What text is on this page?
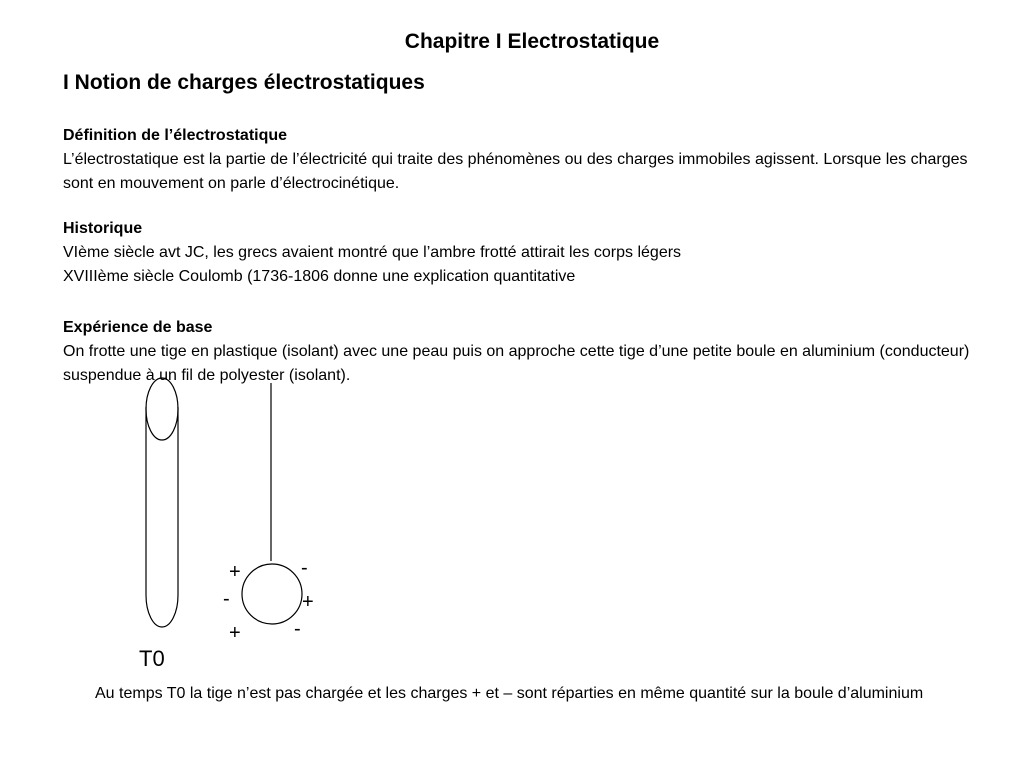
Chapitre I Electrostatique
I Notion de charges électrostatiques
Définition de l’électrostatique

L’électrostatique est la partie de l’électricité qui traite des phénomènes ou des charges immobiles agissent. Lorsque les charges sont en mouvement on parle d’électrocinétique.

Historique

VIème siècle avt JC, les grecs avaient montré que l’ambre frotté attirait les corps légers

XVIIIème siècle Coulomb (1736-1806 donne une explication quantitative

Expérience de base

On frotte une tige en plastique (isolant) avec une peau puis on approche cette tige d’une petite boule en aluminium (conducteur) suspendue à un fil de polyester (isolant).

+	-
-	+
+	-
T0

Au temps T0 la tige n’est pas chargée et les charges + et – sont réparties en même quantité sur la boule d’aluminium
